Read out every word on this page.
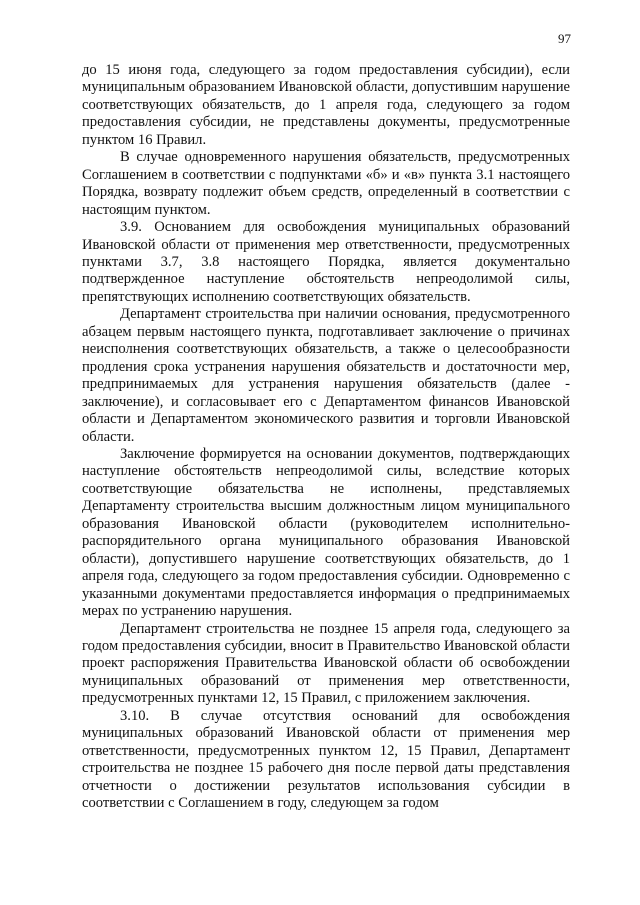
97

до 15 июня года, следующего за годом предоставления субсидии), если муниципальным образованием Ивановской области, допустившим нарушение соответствующих обязательств, до 1 апреля года, следующего за годом предоставления субсидии, не представлены документы, предусмотренные пунктом 16 Правил.

В случае одновременного нарушения обязательств, предусмотренных Соглашением в соответствии с подпунктами «б» и «в» пункта 3.1 настоящего Порядка, возврату подлежит объем средств, определенный в соответствии с настоящим пунктом.

3.9. Основанием для освобождения муниципальных образований Ивановской области от применения мер ответственности, предусмотренных пунктами 3.7, 3.8 настоящего Порядка, является документально подтвержденное наступление обстоятельств непреодолимой силы, препятствующих исполнению соответствующих обязательств.

Департамент строительства при наличии основания, предусмотренного абзацем первым настоящего пункта, подготавливает заключение о причинах неисполнения соответствующих обязательств, а также о целесообразности продления срока устранения нарушения обязательств и достаточности мер, предпринимаемых для устранения нарушения обязательств (далее - заключение), и согласовывает его с Департаментом финансов Ивановской области и Департаментом экономического развития и торговли Ивановской области.

Заключение формируется на основании документов, подтверждающих наступление обстоятельств непреодолимой силы, вследствие которых соответствующие обязательства не исполнены, представляемых Департаменту строительства высшим должностным лицом муниципального образования Ивановской области (руководителем исполнительно-распорядительного органа муниципального образования Ивановской области), допустившего нарушение соответствующих обязательств, до 1 апреля года, следующего за годом предоставления субсидии. Одновременно с указанными документами предоставляется информация о предпринимаемых мерах по устранению нарушения.

Департамент строительства не позднее 15 апреля года, следующего за годом предоставления субсидии, вносит в Правительство Ивановской области проект распоряжения Правительства Ивановской области об освобождении муниципальных образований от применения мер ответственности, предусмотренных пунктами 12, 15 Правил, с приложением заключения.

3.10. В случае отсутствия оснований для освобождения муниципальных образований Ивановской области от применения мер ответственности, предусмотренных пунктом 12, 15 Правил, Департамент строительства не позднее 15 рабочего дня после первой даты представления отчетности о достижении результатов использования субсидии в соответствии с Соглашением в году, следующем за годом
